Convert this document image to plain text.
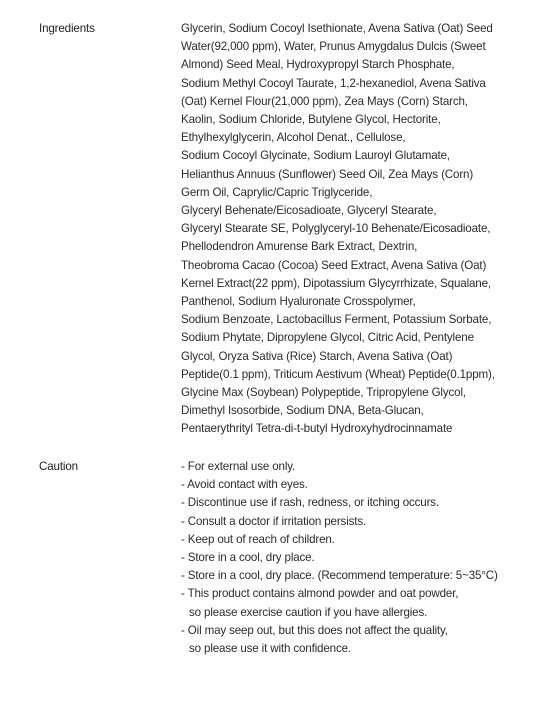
Ingredients	Glycerin, Sodium Cocoyl Isethionate, Avena Sativa (Oat) Seed
Water(92,000 ppm), Water, Prunus Amygdalus Dulcis (Sweet
Almond) Seed Meal, Hydroxypropyl Starch Phosphate,
Sodium Methyl Cocoyl Taurate, 1,2-hexanediol, Avena Sativa
(Oat) Kernel Flour(21,000 ppm), Zea Mays (Corn) Starch,
Kaolin, Sodium Chloride, Butylene Glycol, Hectorite,
Ethylhexylglycerin, Alcohol Denat., Cellulose,
Sodium Cocoyl Glycinate, Sodium Lauroyl Glutamate,
Helianthus Annuus (Sunflower) Seed Oil, Zea Mays (Corn)
Germ Oil, Caprylic/Capric Triglyceride,
Glyceryl Behenate/Eicosadioate, Glyceryl Stearate,
Glyceryl Stearate SE, Polyglyceryl-10 Behenate/Eicosadioate,
Phellodendron Amurense Bark Extract, Dextrin,
Theobroma Cacao (Cocoa) Seed Extract, Avena Sativa (Oat)
Kernel Extract(22 ppm), Dipotassium Glycyrrhizate, Squalane,
Panthenol, Sodium Hyaluronate Crosspolymer,
Sodium Benzoate, Lactobacillus Ferment, Potassium Sorbate,
Sodium Phytate, Dipropylene Glycol, Citric Acid, Pentylene
Glycol, Oryza Sativa (Rice) Starch, Avena Sativa (Oat)
Peptide(0.1 ppm), Triticum Aestivum (Wheat) Peptide(0.1ppm),
Glycine Max (Soybean) Polypeptide, Tripropylene Glycol,
Dimethyl Isosorbide, Sodium DNA, Beta-Glucan,
Pentaerythrityl Tetra-di-t-butyl Hydroxyhydrocinnamate
Caution	- For external use only.
- Avoid contact with eyes.
- Discontinue use if rash, redness, or itching occurs.
- Consult a doctor if irritation persists.
- Keep out of reach of children.
- Store in a cool, dry place.
- Store in a cool, dry place. (Recommend temperature: 5~35°C)
- This product contains almond powder and oat powder,
so please exercise caution if you have allergies.
- Oil may seep out, but this does not affect the quality,
so please use it with confidence.
